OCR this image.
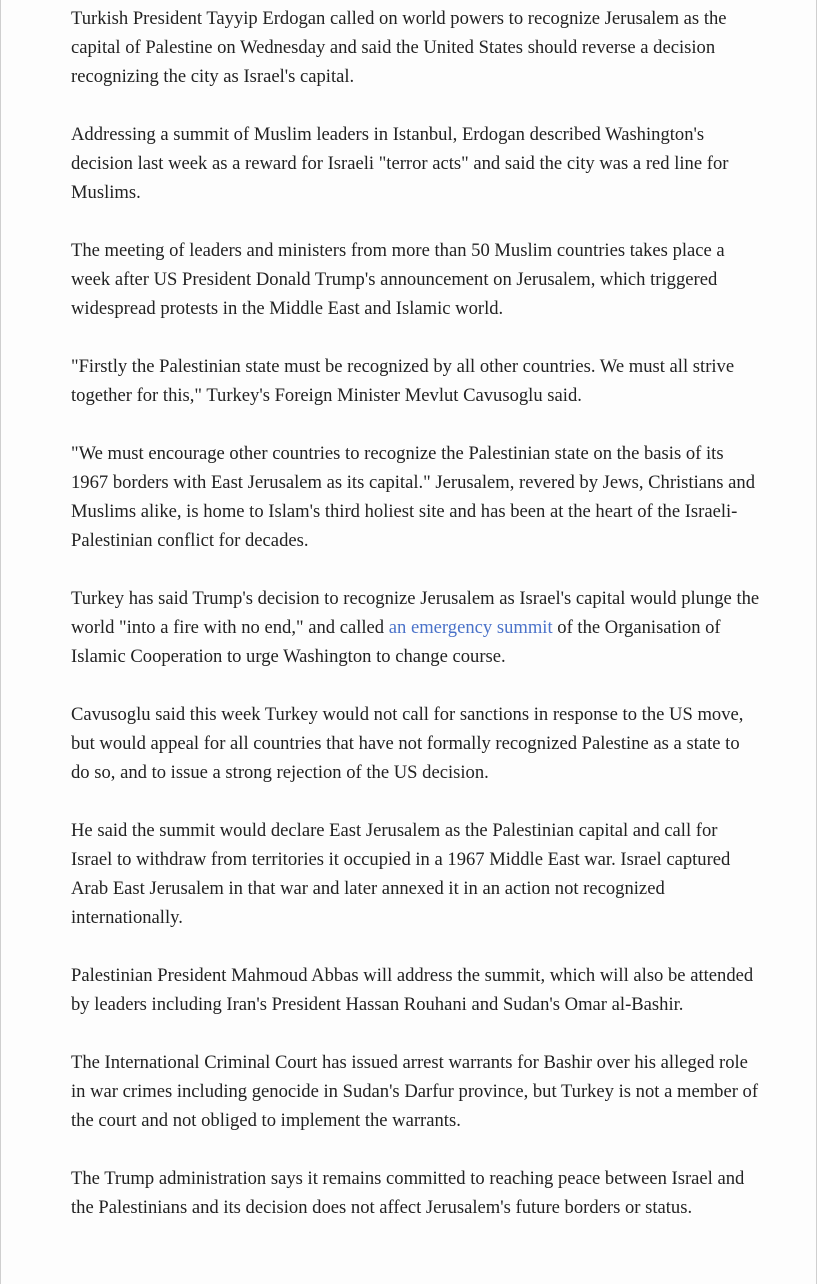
Turkish President Tayyip Erdogan called on world powers to recognize Jerusalem as the capital of Palestine on Wednesday and said the United States should reverse a decision recognizing the city as Israel's capital.

Addressing a summit of Muslim leaders in Istanbul, Erdogan described Washington's decision last week as a reward for Israeli "terror acts" and said the city was a red line for Muslims.

The meeting of leaders and ministers from more than 50 Muslim countries takes place a week after US President Donald Trump's announcement on Jerusalem, which triggered widespread protests in the Middle East and Islamic world.

"Firstly the Palestinian state must be recognized by all other countries. We must all strive together for this," Turkey's Foreign Minister Mevlut Cavusoglu said.

"We must encourage other countries to recognize the Palestinian state on the basis of its 1967 borders with East Jerusalem as its capital." Jerusalem, revered by Jews, Christians and Muslims alike, is home to Islam's third holiest site and has been at the heart of the Israeli-Palestinian conflict for decades.

Turkey has said Trump's decision to recognize Jerusalem as Israel's capital would plunge the world "into a fire with no end," and called an emergency summit of the Organisation of Islamic Cooperation to urge Washington to change course.

Cavusoglu said this week Turkey would not call for sanctions in response to the US move, but would appeal for all countries that have not formally recognized Palestine as a state to do so, and to issue a strong rejection of the US decision.

He said the summit would declare East Jerusalem as the Palestinian capital and call for Israel to withdraw from territories it occupied in a 1967 Middle East war. Israel captured Arab East Jerusalem in that war and later annexed it in an action not recognized internationally.

Palestinian President Mahmoud Abbas will address the summit, which will also be attended by leaders including Iran's President Hassan Rouhani and Sudan's Omar al-Bashir.

The International Criminal Court has issued arrest warrants for Bashir over his alleged role in war crimes including genocide in Sudan's Darfur province, but Turkey is not a member of the court and not obliged to implement the warrants.

The Trump administration says it remains committed to reaching peace between Israel and the Palestinians and its decision does not affect Jerusalem's future borders or status.
